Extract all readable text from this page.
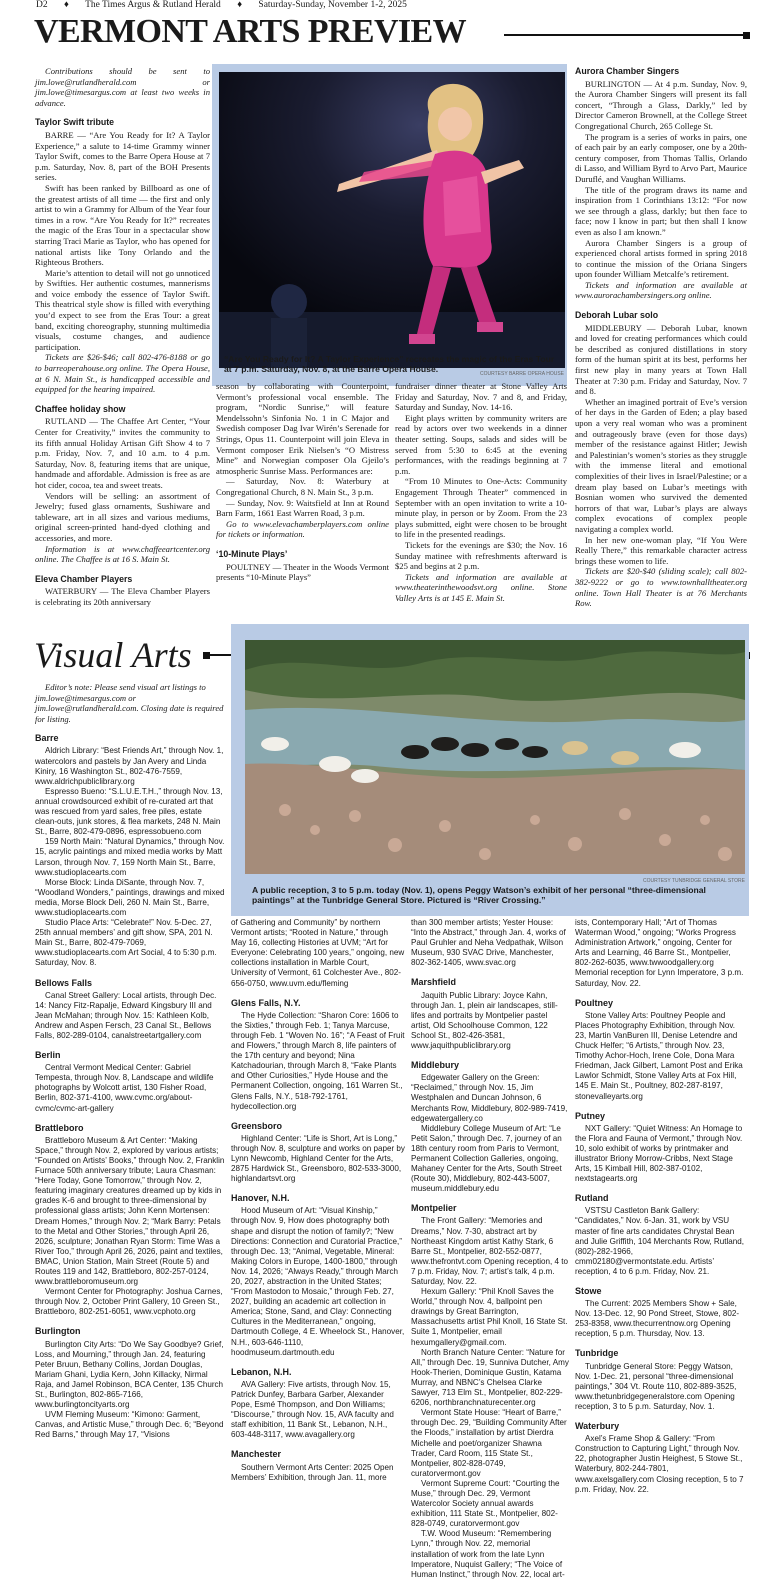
D2 ♦ The Times Argus & Rutland Herald ♦ Saturday-Sunday, November 1-2, 2025
VERMONT ARTS PREVIEW

Contributions should be sent to jim.lowe@rutlandherald.com or jim.lowe@timesargus.com at least two weeks in advance.

Taylor Swift tribute

BARRE — “Are You Ready for It? A Taylor Experience,” a salute to 14-time Grammy winner Taylor Swift, comes to the Barre Opera House at 7 p.m. Saturday, Nov. 8, part of the BOH Presents series.

Swift has been ranked by Billboard as one of the greatest artists of all time — the first and only artist to win a Grammy for Album of the Year four times in a row. “Are You Ready for It?” recreates the magic of the Eras Tour in a spectacular show starring Traci Marie as Taylor, who has opened for national artists like Tony Orlando and the Righteous Brothers.

Marie’s attention to detail will not go unnoticed by Swifties. Her authentic costumes, mannerisms and voice embody the essence of Taylor Swift. This theatrical style show is filled with everything you’d expect to see from the Eras Tour: a great band, exciting choreography, stunning multimedia visuals, costume changes, and audience participation.

Tickets are $26-$46; call 802-476-8188 or go to barreoperahouse.org online. The Opera House, at 6 N. Main St., is handicapped accessible and equipped for the hearing impaired.

Chaffee holiday show

RUTLAND — The Chaffee Art Center, “Your Center for Creativity,” invites the community to its fifth annual Holiday Artisan Gift Show 4 to 7 p.m. Friday, Nov. 7, and 10 a.m. to 4 p.m. Saturday, Nov. 8, featuring items that are unique, handmade and affordable. Admission is free as are hot cider, cocoa, tea and sweet treats.

Vendors will be selling: an assortment of Jewelry; fused glass ornaments, Sushiware and tableware, art in all sizes and various mediums, original screen-printed hand-dyed clothing and accessories, and more.

Information is at www.chaffeeartcenter.org online. The Chaffee is at 16 S. Main St.

Eleva Chamber Players

WATERBURY — The Eleva Chamber Players is celebrating its 20th anniversary

COURTESY BARRE OPERA HOUSE
“Are You Ready for It? A Taylor Experience” recreates the magic of the Eras Tour at 7 p.m. Saturday, Nov. 8, at the Barre Opera House.

season by collaborating with Counterpoint, Vermont’s professional vocal ensemble. The program, “Nordic Sunrise,” will feature Mendelssohn’s Sinfonia No. 1 in C Major and Swedish composer Dag Ivar Wirén’s Serenade for Strings, Opus 11. Counterpoint will join Eleva in Vermont composer Erik Nielsen’s “O Mistress Mine” and Norwegian composer Ola Gjeilo’s atmospheric Sunrise Mass. Performances are:

— Saturday, Nov. 8: Waterbury at Congregational Church, 8 N. Main St., 3 p.m.

— Sunday, Nov. 9: Waitsfield at Inn at Round Barn Farm, 1661 East Warren Road, 3 p.m.

Go to www.elevachamberplayers.com online for tickets or information.

‘10-Minute Plays’

POULTNEY — Theater in the Woods Vermont presents “10-Minute Plays”

fundraiser dinner theater at Stone Valley Arts Friday and Saturday, Nov. 7 and 8, and Friday, Saturday and Sunday, Nov. 14-16.

Eight plays written by community writers are read by actors over two weekends in a dinner theater setting. Soups, salads and sides will be served from 5:30 to 6:45 at the evening performances, with the readings beginning at 7 p.m.

“From 10 Minutes to One-Acts: Community Engagement Through Theater” commenced in September with an open invitation to write a 10-minute play, in person or by Zoom. From the 23 plays submitted, eight were chosen to be brought to life in the presented readings.

Tickets for the evenings are $30; the Nov. 16 Sunday matinee with refreshments afterward is $25 and begins at 2 p.m.

Tickets and information are available at www.theaterinthewoodsvt.org online. Stone Valley Arts is at 145 E. Main St.

Aurora Chamber Singers

BURLINGTON — At 4 p.m. Sunday, Nov. 9, the Aurora Chamber Singers will present its fall concert, “Through a Glass, Darkly,” led by Director Cameron Brownell, at the College Street Congregational Church, 265 College St.

The program is a series of works in pairs, one of each pair by an early composer, one by a 20th-century composer, from Thomas Tallis, Orlando di Lasso, and William Byrd to Arvo Part, Maurice Duruflé, and Vaughan Williams.

The title of the program draws its name and inspiration from 1 Corinthians 13:12: “For now we see through a glass, darkly; but then face to face; now I know in part; but then shall I know even as also I am known.”

Aurora Chamber Singers is a group of experienced choral artists formed in spring 2018 to continue the mission of the Oriana Singers upon founder William Metcalfe’s retirement.

Tickets and information are available at www.aurorachambersingers.org online.

Deborah Lubar solo

MIDDLEBURY — Deborah Lubar, known and loved for creating performances which could be described as conjured distillations in story form of the human spirit at its best, performs her first new play in many years at Town Hall Theater at 7:30 p.m. Friday and Saturday, Nov. 7 and 8.

Whether an imagined portrait of Eve’s version of her days in the Garden of Eden; a play based upon a very real woman who was a prominent and outrageously brave (even for those days) member of the resistance against Hitler; Jewish and Palestinian’s women’s stories as they struggle with the immense literal and emotional complexities of their lives in Israel/Palestine; or a dream play based on Lubar’s meetings with Bosnian women who survived the demented horrors of that war, Lubar’s plays are always complex evocations of complex people navigating a complex world.

In her new one-woman play, “If You Were Really There,” this remarkable character actress brings these women to life.

Tickets are $20-$40 (sliding scale); call 802-382-9222 or go to www.townhalltheater.org online. Town Hall Theater is at 76 Merchants Row.

Visual Arts
COURTESY TUNBRIDGE GENERAL STORE
A public reception, 3 to 5 p.m. today (Nov. 1), opens Peggy Watson’s exhibit of her personal “three-dimensional paintings” at the Tunbridge General Store. Pictured is “River Crossing.”

Editor’s note: Please send visual art listings to jim.lowe@timesargus.com or jim.lowe@rutlandherald.com. Closing date is required for listing.

Barre

Aldrich Library: “Best Friends Art,” through Nov. 1, watercolors and pastels by Jan Avery and Linda Kiniry, 16 Washington St., 802-476-7559, www.aldrichpubliclibrary.org

Espresso Bueno: “S.L.U.E.T.H.,” through Nov. 13, annual crowdsourced exhibit of re-curated art that was rescued from yard sales, free piles, estate clean-outs, junk stores, & flea markets, 248 N. Main St., Barre, 802-479-0896, espressobueno.com

159 North Main: “Natural Dynamics,” through Nov. 15, acrylic paintings and mixed media works by Matt Larson, through Nov. 7, 159 North Main St., Barre, www.studioplacearts.com

Morse Block: Linda DiSante, through Nov. 7, “Woodland Wonders,” paintings, drawings and mixed media, Morse Block Deli, 260 N. Main St., Barre, www.studioplacearts.com

Studio Place Arts: “Celebrate!” Nov. 5-Dec. 27, 25th annual members’ and gift show, SPA, 201 N. Main St., Barre, 802-479-7069, www.studioplacearts.com Art Social, 4 to 5:30 p.m. Saturday, Nov. 8.

Bellows Falls

Canal Street Gallery: Local artists, through Dec. 14: Nancy Fitz-Rapalje, Edward Kingsbury III and Jean McMahan; through Nov. 15: Kathleen Kolb, Andrew and Aspen Fersch, 23 Canal St., Bellows Falls, 802-289-0104, canalstreetartgallery.com

Berlin

Central Vermont Medical Center: Gabriel Tempesta, through Nov. 8, Landscape and wildlife photographs by Wolcott artist, 130 Fisher Road, Berlin, 802-371-4100, www.cvmc.org/about-cvmc/cvmc-art-gallery

Brattleboro

Brattleboro Museum & Art Center: “Making Space,” through Nov. 2, explored by various artists; “Founded on Artists’ Books,” through Nov. 2, Franklin Furnace 50th anniversary tribute; Laura Chasman: “Here Today, Gone Tomorrow,” through Nov. 2, featuring imaginary creatures dreamed up by kids in grades K-6 and brought to three-dimensional by professional glass artists; John Kenn Mortensen: Dream Homes,” through Nov. 2; “Mark Barry: Petals to the Metal and Other Stories,” through April 26, 2026, sculpture; Jonathan Ryan Storm: Time Was a River Too,” through April 26, 2026, paint and textiles, BMAC, Union Station, Main Street (Route 5) and Routes 119 and 142, Brattleboro, 802-257-0124, www.brattleboromuseum.org

Vermont Center for Photography: Joshua Carnes, through Nov. 2, October Print Gallery, 10 Green St., Brattleboro, 802-251-6051, www.vcphoto.org

Burlington

Burlington City Arts: “Do We Say Goodbye? Grief, Loss, and Mourning,” through Jan. 24, featuring Peter Bruun, Bethany Collins, Jordan Douglas, Mariam Ghani, Lydia Kern, John Killacky, Nirmal Raja, and Jamel Robinson, BCA Center, 135 Church St., Burlington, 802-865-7166, www.burlingtoncityarts.org

UVM Fleming Museum: “Kimono: Garment, Canvas, and Artistic Muse,” through Dec. 6; “Beyond Red Barns,” through May 17, “Visions

of Gathering and Community” by northern Vermont artists; “Rooted in Nature,” through May 16, collecting Histories at UVM; “Art for Everyone: Celebrating 100 years,” ongoing, new collections installation in Marble Court, University of Vermont, 61 Colchester Ave., 802-656-0750, www.uvm.edu/fleming

Glens Falls, N.Y.

The Hyde Collection: “Sharon Core: 1606 to the Sixties,” through Feb. 1; Tanya Marcuse, through Feb. 1 “Woven No. 16”; “A Feast of Fruit and Flowers,” through March 8, life painters of the 17th century and beyond; Nina Katchadourian, through March 8, “Fake Plants and Other Curiosities,” Hyde House and the Permanent Collection, ongoing, 161 Warren St., Glens Falls, N.Y., 518-792-1761, hydecollection.org

Greensboro

Highland Center: “Life is Short, Art is Long,” through Nov. 8, sculpture and works on paper by Lynn Newcomb, Highland Center for the Arts, 2875 Hardwick St., Greensboro, 802-533-3000, highlandartsvt.org

Hanover, N.H.

Hood Museum of Art: “Visual Kinship,” through Nov. 9, How does photography both shape and disrupt the notion of family?; “New Directions: Connection and Curatorial Practice,” through Dec. 13; “Animal, Vegetable, Mineral: Making Colors in Europe, 1400-1800,” through Nov. 14, 2026; “Always Ready,” through March 20, 2027, abstraction in the United States; “From Mastodon to Mosaic,” through Feb. 27, 2027, building an academic art collection in America; Stone, Sand, and Clay: Connecting Cultures in the Mediterranean,” ongoing, Dartmouth College, 4 E. Wheelock St., Hanover, N.H., 603-646-1110, hoodmuseum.dartmouth.edu

Lebanon, N.H.

AVA Gallery: Five artists, through Nov. 15, Patrick Dunfey, Barbara Garber, Alexander Pope, Esmé Thompson, and Don Williams; “Discourse,” through Nov. 15, AVA faculty and staff exhibition, 11 Bank St., Lebanon, N.H., 603-448-3117, www.avagallery.org

Manchester

Southern Vermont Arts Center: 2025 Open Members’ Exhibition, through Jan. 11, more

than 300 member artists; Yester House: “Into the Abstract,” through Jan. 4, works of Paul Gruhler and Neha Vedpathak, Wilson Museum, 930 SVAC Drive, Manchester, 802-362-1405, www.svac.org

Marshfield

Jaquith Public Library: Joyce Kahn, through Jan. 1, plein air landscapes, still-lifes and portraits by Montpelier pastel artist, Old Schoolhouse Common, 122 School St., 802-426-3581, www.jaquithpubliclibrary.org

Middlebury

Edgewater Gallery on the Green: “Reclaimed,” through Nov. 15, Jim Westphalen and Duncan Johnson, 6 Merchants Row, Middlebury, 802-989-7419, edgewatergallery.co

Middlebury College Museum of Art: “Le Petit Salon,” through Dec. 7, journey of an 18th century room from Paris to Vermont, Permanent Collection Galleries, ongoing, Mahaney Center for the Arts, South Street (Route 30), Middlebury, 802-443-5007, museum.middlebury.edu

Montpelier

The Front Gallery: “Memories and Dreams,” Nov. 7-30, abstract art by Northeast Kingdom artist Kathy Stark, 6 Barre St., Montpelier, 802-552-0877, www.thefrontvt.com Opening reception, 4 to 7 p.m. Friday, Nov. 7; artist’s talk, 4 p.m. Saturday, Nov. 22.

Hexum Gallery: “Phil Knoll Saves the World,” through Nov. 4, ballpoint pen drawings by Great Barrington, Massachusetts artist Phil Knoll, 16 State St. Suite 1, Montpelier, email hexumgallery@gmail.com.

North Branch Nature Center: “Nature for All,” through Dec. 19, Sunniva Dutcher, Amy Hook-Therien, Dominique Gustin, Katama Murray, and NBNC’s Chelsea Clarke Sawyer, 713 Elm St., Montpelier, 802-229-6206, northbranchnaturecenter.org

Vermont State House: “Heart of Barre,” through Dec. 29, “Building Community After the Floods,” installation by artist Dierdra Michelle and poet/organizer Shawna Trader, Card Room, 115 State St., Montpelier, 802-828-0749, curatorvermont.gov

Vermont Supreme Court: “Courting the Muse,” through Dec. 29, Vermont Watercolor Society annual awards exhibition, 111 State St., Montpelier, 802-828-0749, curatorvermont.gov

T.W. Wood Museum: “Remembering Lynn,” through Nov. 22, memorial installation of work from the late Lynn Imperatore, Nuquist Gallery; “The Voice of Human Instinct,” through Nov. 22, local art-

ists, Contemporary Hall; “Art of Thomas Waterman Wood,” ongoing; “Works Progress Administration Artwork,” ongoing, Center for Arts and Learning, 46 Barre St., Montpelier, 802-262-6035, www.twwoodgallery.org Memorial reception for Lynn Imperatore, 3 p.m. Saturday, Nov. 22.

Poultney

Stone Valley Arts: Poultney People and Places Photography Exhibition, through Nov. 23, Martin VanBuren III, Denise Letendre and Chuck Helfer; “6 Artists,” through Nov. 23, Timothy Achor-Hoch, Irene Cole, Dona Mara Friedman, Jack Gilbert, Lamont Post and Erika Lawlor Schmidt, Stone Valley Arts at Fox Hill, 145 E. Main St., Poultney, 802-287-8197, stonevalleyarts.org

Putney

NXT Gallery: “Quiet Witness: An Homage to the Flora and Fauna of Vermont,” through Nov. 10, solo exhibit of works by printmaker and illustrator Briony Morrow-Cribbs, Next Stage Arts, 15 Kimball Hill, 802-387-0102, nextstagearts.org

Rutland

VSTSU Castleton Bank Gallery: “Candidates,” Nov. 6-Jan. 31, work by VSU master of fine arts candidates Chrystal Bean and Julie Griffith, 104 Merchants Row, Rutland, (802)-282-1966, cmm02180@vermontstate.edu. Artists’ reception, 4 to 6 p.m. Friday, Nov. 21.

Stowe

The Current: 2025 Members Show + Sale, Nov. 13-Dec. 12, 90 Pond Street, Stowe, 802-253-8358, www.thecurrentnow.org Opening reception, 5 p.m. Thursday, Nov. 13.

Tunbridge

Tunbridge General Store: Peggy Watson, Nov. 1-Dec. 21, personal “three-dimensional paintings,” 304 Vt. Route 110, 802-889-3525, www.thetunbridgegeneralstore.com Opening reception, 3 to 5 p.m. Saturday, Nov. 1.

Waterbury

Axel’s Frame Shop & Gallery: “From Construction to Capturing Light,” through Nov. 22, photographer Justin Heighest, 5 Stowe St., Waterbury, 802-244-7801, www.axelsgallery.com Closing reception, 5 to 7 p.m. Friday, Nov. 22.
